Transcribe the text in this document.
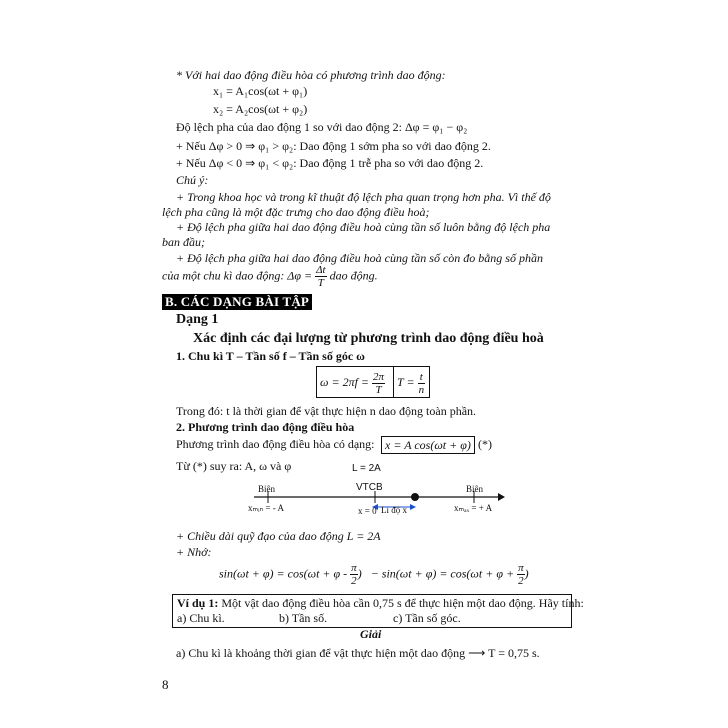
* Với hai dao động điều hòa có phương trình dao động:
x₁ = A₁cos(ωt + φ₁)
x₂ = A₂cos(ωt + φ₂)
Độ lệch pha của dao động 1 so với dao động 2: Δφ = φ₁ − φ₂
+ Nếu Δφ > 0 ⇒ φ₁ > φ₂: Dao động 1 sớm pha so với dao động 2.
+ Nếu Δφ < 0 ⇒ φ₁ < φ₂: Dao động 1 trễ pha so với dao động 2.
Chú ý:
+ Trong khoa học và trong kĩ thuật độ lệch pha quan trọng hơn pha. Vì thế độ
lệch pha cũng là một đặc trưng cho dao động điều hoà;
+ Độ lệch pha giữa hai dao động điều hoà cùng tần số luôn bằng độ lệch pha
ban đầu;
+ Độ lệch pha giữa hai dao động điều hoà cùng tần số còn đo bằng số phần
của một chu kì dao động: $\Delta\varphi = \frac{\Delta t}{T}$ dao động.
B. CÁC DẠNG BÀI TẬP
Dạng 1
Xác định các đại lượng từ phương trình dao động điều hoà
1. Chu kì T – Tần số f – Tần số góc ω
$\omega = 2\pi f = \frac{2\pi}{T}$ $T = \frac{t}{n}$
Trong đó: t là thời gian để vật thực hiện n dao động toàn phần.
2. Phương trình dao động điều hòa
Phương trình dao động điều hòa có dạng: x = A cos(ωt + φ) (*)
Từ (*) suy ra: A, ω và φ	L = 2A
VTCB
Biên	Biên
xₘᵢₙ = - A	x = 0 Li độ x	xₘₐₓ = + A
+ Chiều dài quỹ đạo của dao động L = 2A
+ Nhớ:
$\sin(\omega t + \varphi) = \cos(\omega t + \varphi - \frac{\pi}{2}$ ) − $\sin(\omega t + \varphi) = \cos(\omega t + \varphi + \frac{\pi}{2}$ )
Ví dụ 1: Một vật dao động điều hòa cần 0,75 s để thực hiện một dao động. Hãy tính:
a) Chu kì.	b) Tần số.	c) Tần số góc.
Giải
a) Chu kì là khoảng thời gian để vật thực hiện một dao động ⟶ T = 0,75 s.
8
